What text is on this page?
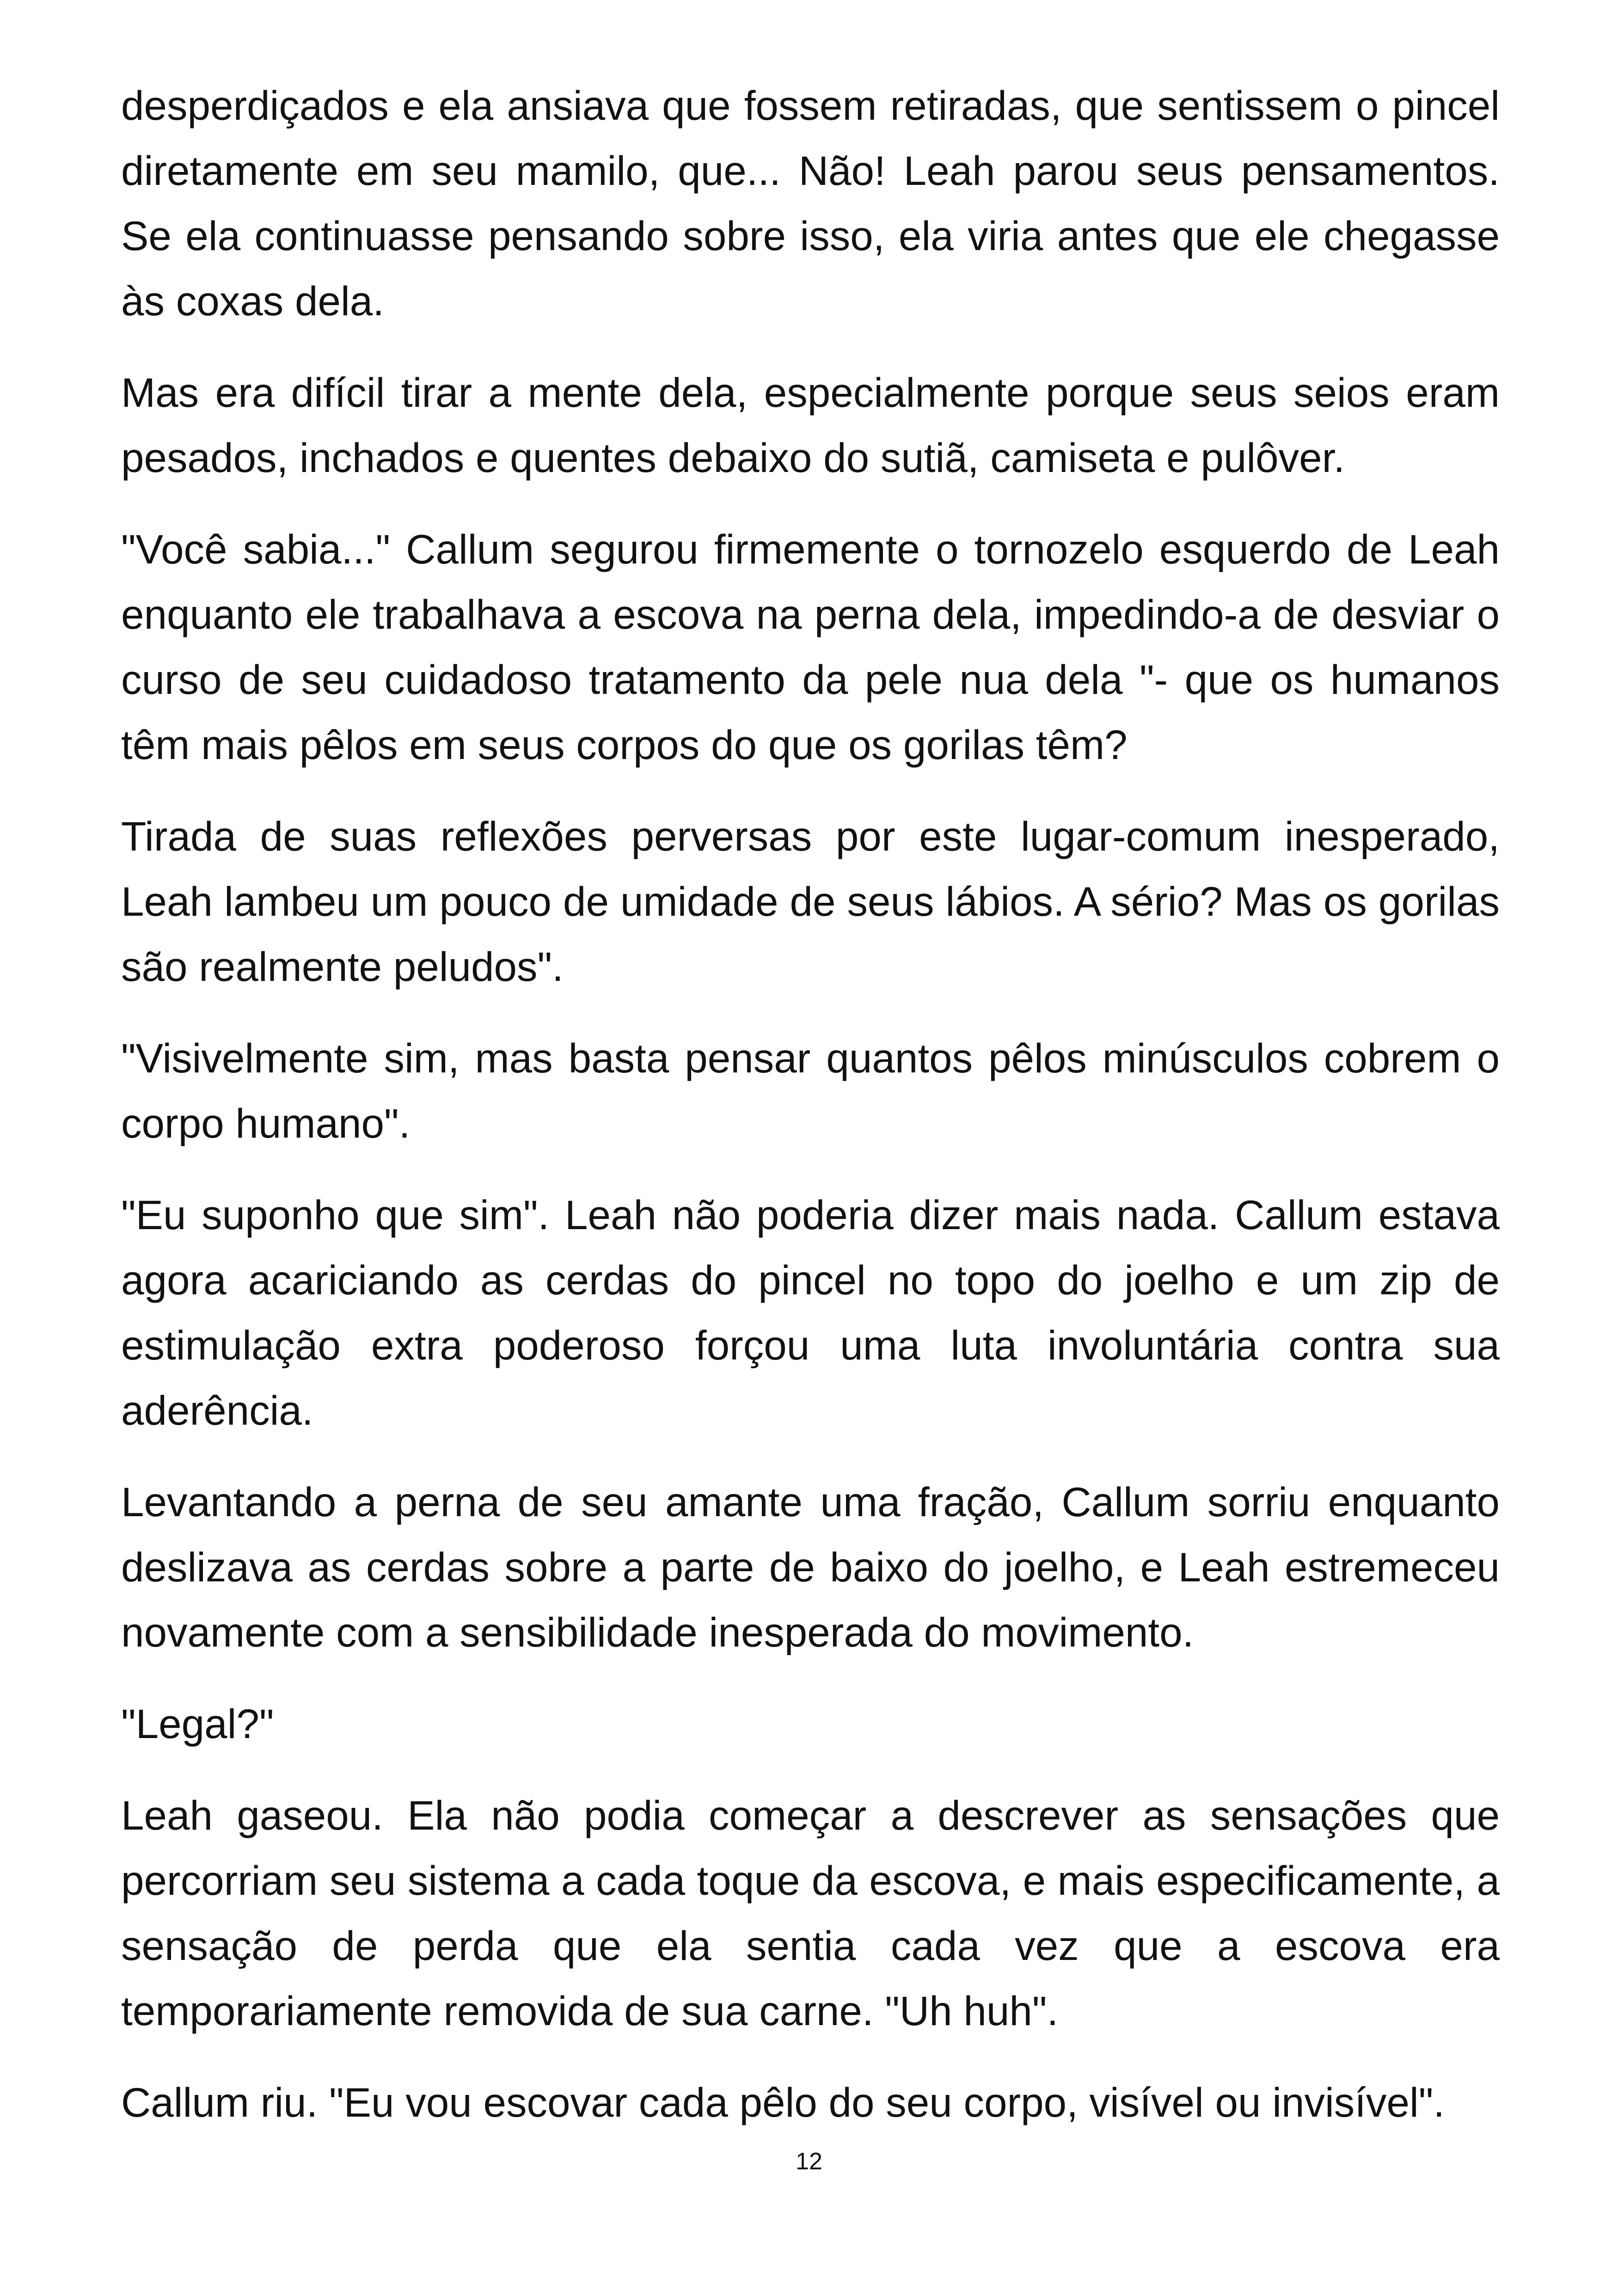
desperdiçados e ela ansiava que fossem retiradas, que sentissem o pincel diretamente em seu mamilo, que... Não! Leah parou seus pensamentos. Se ela continuasse pensando sobre isso, ela viria antes que ele chegasse às coxas dela.

Mas era difícil tirar a mente dela, especialmente porque seus seios eram pesados, inchados e quentes debaixo do sutiã, camiseta e pulôver.

"Você sabia..." Callum segurou firmemente o tornozelo esquerdo de Leah enquanto ele trabalhava a escova na perna dela, impedindo-a de desviar o curso de seu cuidadoso tratamento da pele nua dela "- que os humanos têm mais pêlos em seus corpos do que os gorilas têm?

Tirada de suas reflexões perversas por este lugar-comum inesperado, Leah lambeu um pouco de umidade de seus lábios. A sério? Mas os gorilas são realmente peludos".

"Visivelmente sim, mas basta pensar quantos pêlos minúsculos cobrem o corpo humano".

"Eu suponho que sim". Leah não poderia dizer mais nada. Callum estava agora acariciando as cerdas do pincel no topo do joelho e um zip de estimulação extra poderoso forçou uma luta involuntária contra sua aderência.

Levantando a perna de seu amante uma fração, Callum sorriu enquanto deslizava as cerdas sobre a parte de baixo do joelho, e Leah estremeceu novamente com a sensibilidade inesperada do movimento.

"Legal?"

Leah gaseou. Ela não podia começar a descrever as sensações que percorriam seu sistema a cada toque da escova, e mais especificamente, a sensação de perda que ela sentia cada vez que a escova era temporariamente removida de sua carne. "Uh huh".

Callum riu. "Eu vou escovar cada pêlo do seu corpo, visível ou invisível".

12
